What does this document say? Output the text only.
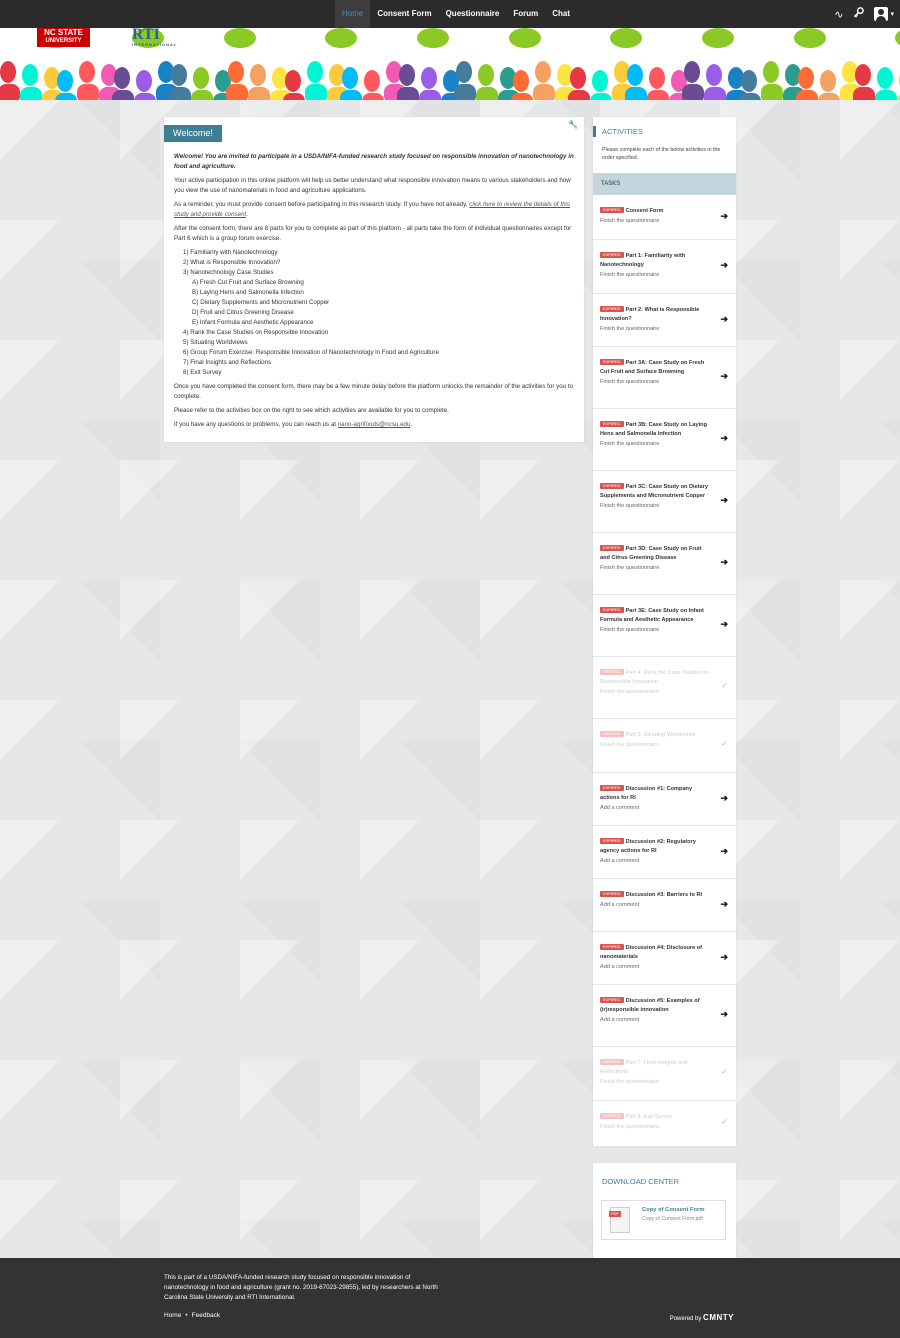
Home	Consent Form	Questionnaire	Forum	Chat	∿	▾
NC STATE
UNIVERSITY	RTI
INTERNATIONAL
Welcome!
🔧

Welcome! You are invited to participate in a USDA/NIFA-funded research study focused on responsible innovation of nanotechnology in food and agriculture.

Your active participation in this online platform will help us better understand what responsible innovation means to various stakeholders and how you view the use of nanomaterials in food and agriculture applications.

As a reminder, you must provide consent before participating in this research study. If you have not already, click here to review the details of this study and provide consent.

After the consent form, there are 8 parts for you to complete as part of this platform - all parts take the form of individual questionnaires except for Part 6 which is a group forum exercise.

1) Familiarity with Nanotechnology
2) What is Responsible Innovation?
3) Nanotechnology Case Studies
A) Fresh Cut Fruit and Surface Browning
B) Laying Hens and Salmonella Infection
C) Dietary Supplements and Micronutrient Copper
D) Fruit and Citrus Greening Disease
E) Infant Formula and Aesthetic Appearance
4) Rank the Case Studies on Responsible Innovation
5) Situating Worldviews
6) Group Forum Exercise: Responsible Innovation of Nanotechnology in Food and Agriculture
7) Final Insights and Reflections
8) Exit Survey

Once you have completed the consent form, there may be a few minute delay before the platform unlocks the remainder of the activities for you to complete.

Please refer to the activities box on the right to see which activities are available for you to complete.

If you have any questions or problems, you can reach us at nano-agrifoods@ncsu.edu.

ACTIVITIES
Please complete each of the below activities in the order specified.
TASKS
EXPIRED Consent Form
Finish the questionnaire
➔
EXPIRED Part 1: Familiarity with Nanotechnology
Finish the questionnaire
➔
EXPIRED Part 2: What is Responsible Innovation?
Finish the questionnaire
➔
EXPIRED Part 3A: Case Study on Fresh Cut Fruit and Surface Browning
Finish the questionnaire
➔
EXPIRED Part 3B: Case Study on Laying Hens and Salmonella Infection
Finish the questionnaire
➔
EXPIRED Part 3C: Case Study on Dietary Supplements and Micronutrient Copper
Finish the questionnaire
➔
EXPIRED Part 3D: Case Study on Fruit and Citrus Greening Disease
Finish the questionnaire
➔
EXPIRED Part 3E: Case Study on Infant Formula and Aesthetic Appearance
Finish the questionnaire
➔
EXPIRED Part 4: Rank the Case Studies on Responsible Innovation
Finish the questionnaire
✓
EXPIRED Part 5: Situating Worldviews
Finish the questionnaire	✓
EXPIRED Discussion #1: Company actions for RI
Add a comment
➔
EXPIRED Discussion #2: Regulatory agency actions for RI
Add a comment
➔
EXPIRED Discussion #3: Barriers to RI
Add a comment	➔
EXPIRED Discussion #4: Disclosure of nanomaterials
Add a comment
➔
EXPIRED Discussion #5: Examples of (ir)responsible innovation
Add a comment
➔
EXPIRED Part 7: Final Insights and Reflections
Finish the questionnaire
✓
EXPIRED Part 8: Exit Survey
Finish the questionnaire
✓
DOWNLOAD CENTER
PDF
Copy of Consent Form
Copy of Consent Form.pdf
This is part of a USDA/NIFA-funded research study focused on responsible innovation of nanotechnology in food and agriculture (grant no. 2019-67023-29855), led by researchers at North Carolina State University and RTI International.
Home • Feedback	Powered by CMNTY
